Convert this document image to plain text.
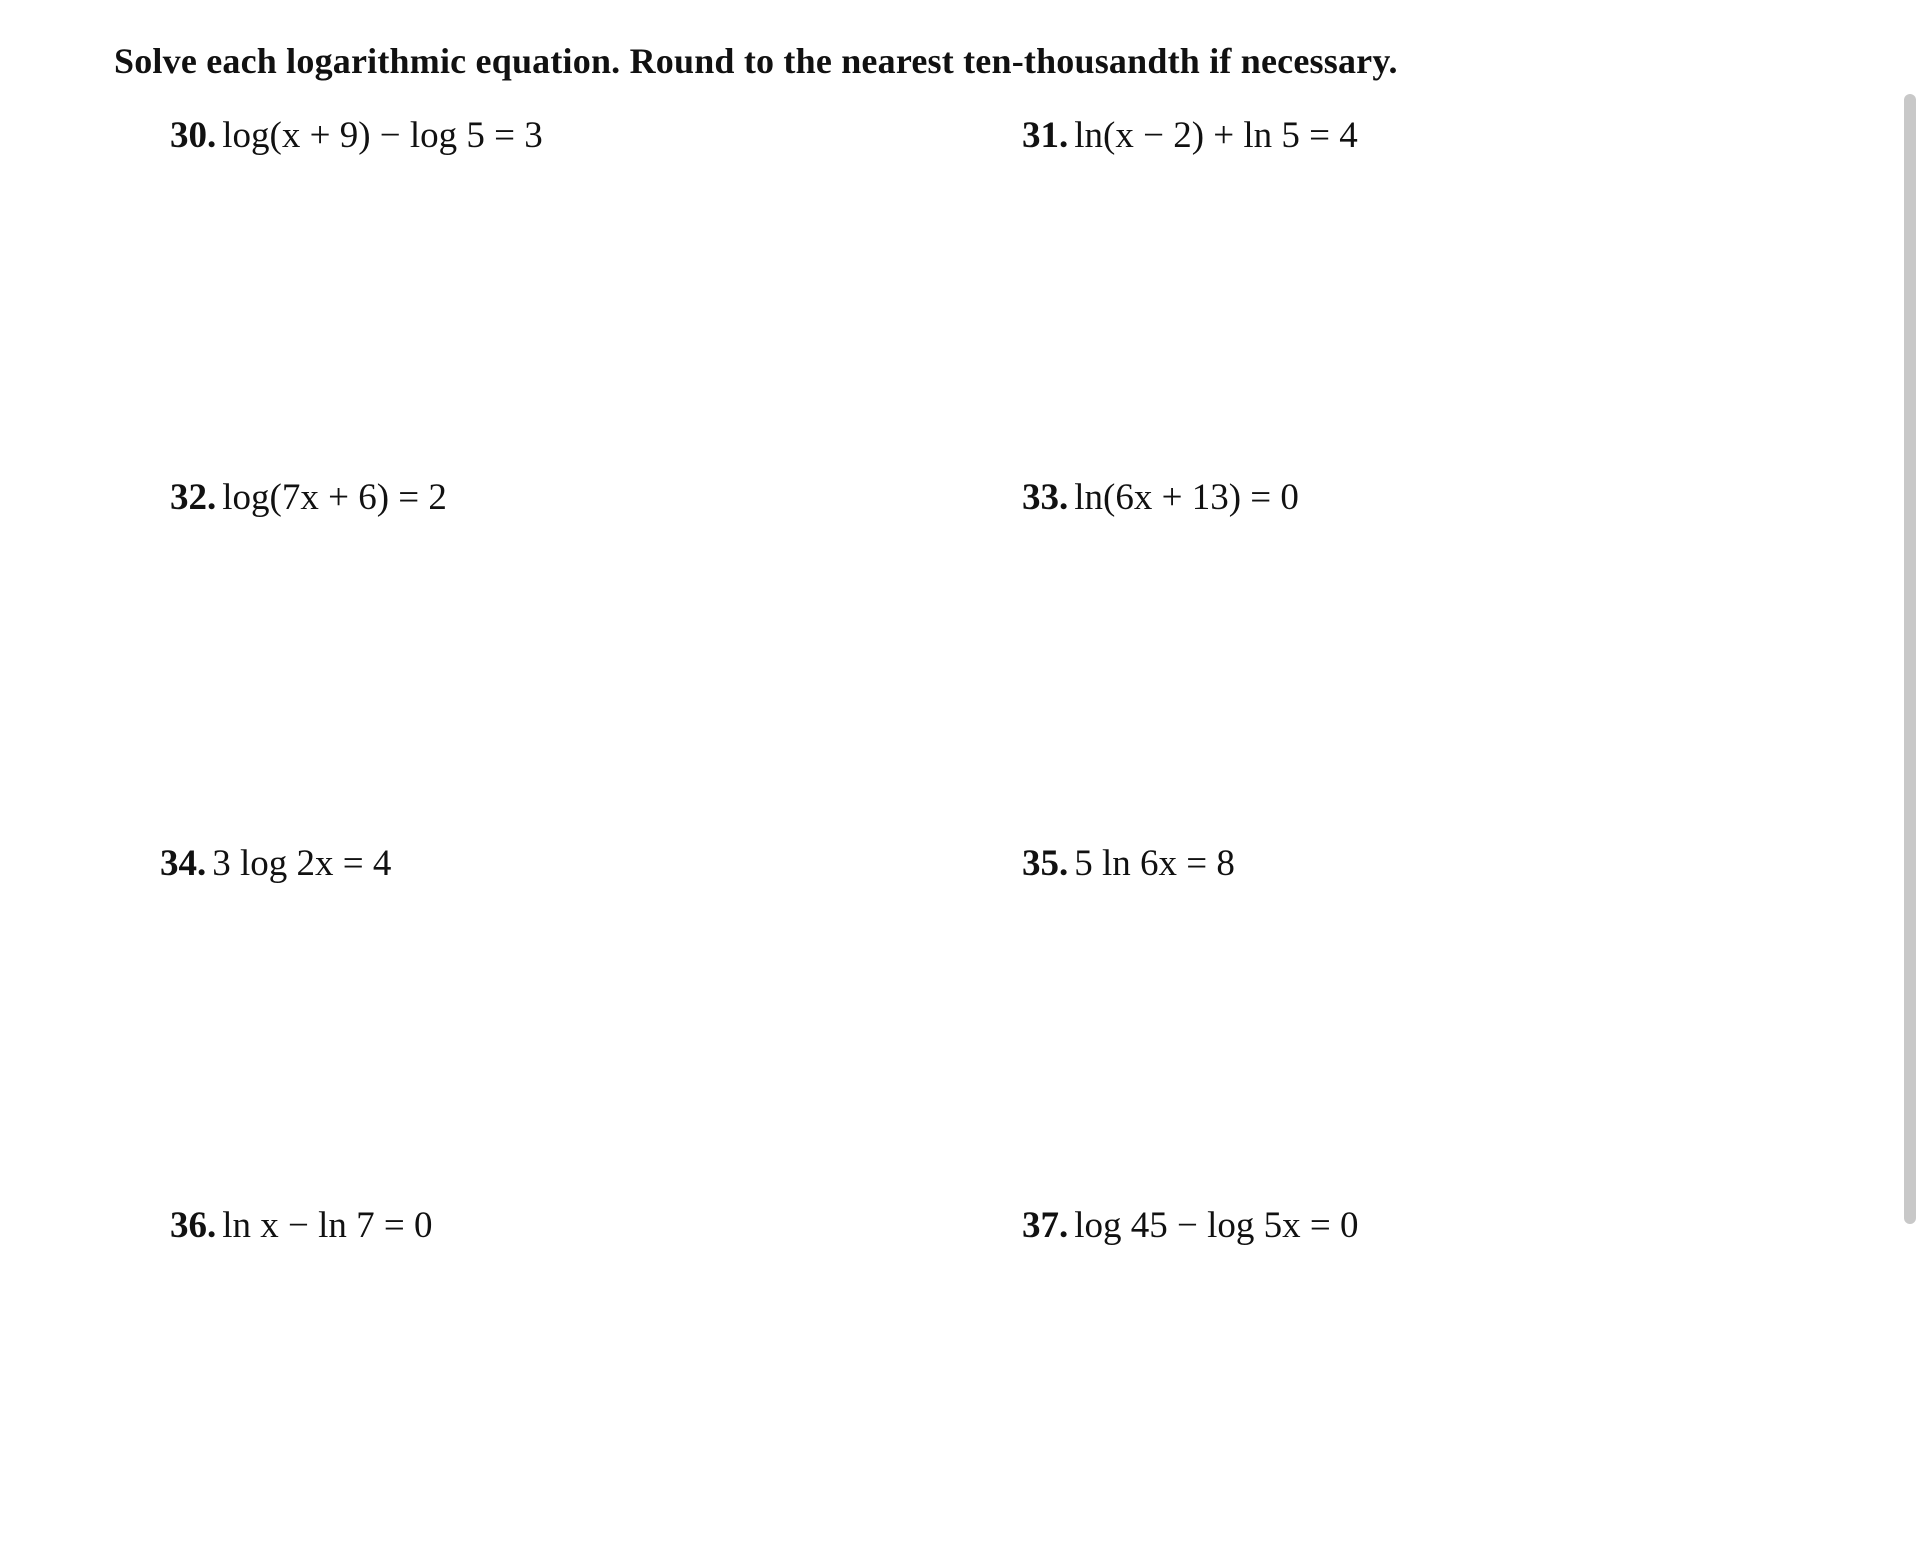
Solve each logarithmic equation. Round to the nearest ten-thousandth if necessary.
30. log(x + 9) − log 5 = 3	31. ln(x − 2) + ln 5 = 4
32. log(7x + 6) = 2	33. ln(6x + 13) = 0
34. 3 log 2x = 4	35. 5 ln 6x = 8
36. ln x − ln 7 = 0	37. log 45 − log 5x = 0
